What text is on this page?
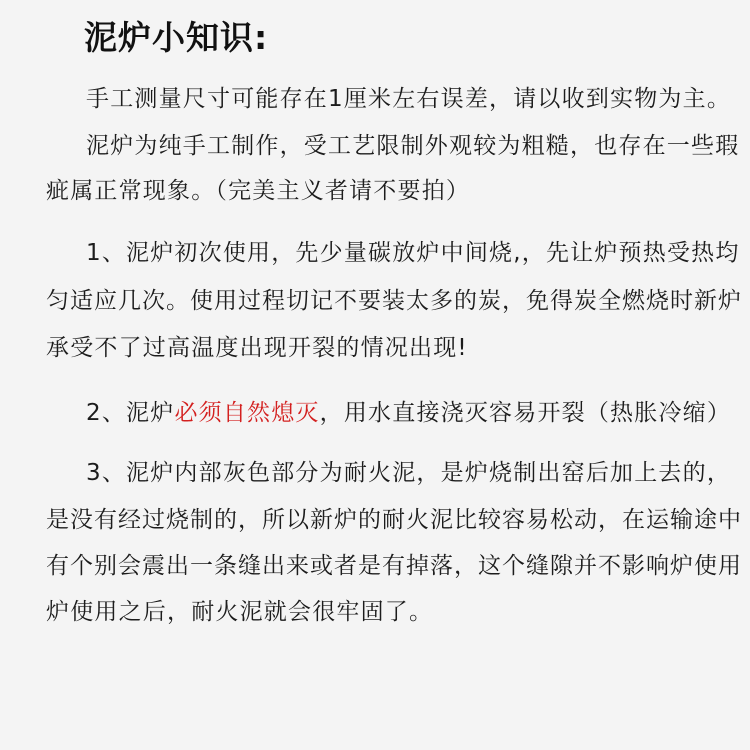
泥炉小知识:
手工测量尺寸可能存在1厘米左右误差，请以收到实物为主。
泥炉为纯手工制作，受工艺限制外观较为粗糙，也存在一些瑕
疵属正常现象。（完美主义者请不要拍）
1、泥炉初次使用，先少量碳放炉中间烧,，先让炉预热受热均
匀适应几次。使用过程切记不要装太多的炭，免得炭全燃烧时新炉
承受不了过高温度出现开裂的情况出现!
2、泥炉必须自然熄灭，用水直接浇灭容易开裂（热胀冷缩）
3、泥炉内部灰色部分为耐火泥，是炉烧制出窑后加上去的，
是没有经过烧制的，所以新炉的耐火泥比较容易松动，在运输途中
有个别会震出一条缝出来或者是有掉落，这个缝隙并不影响炉使用
炉使用之后，耐火泥就会很牢固了。
